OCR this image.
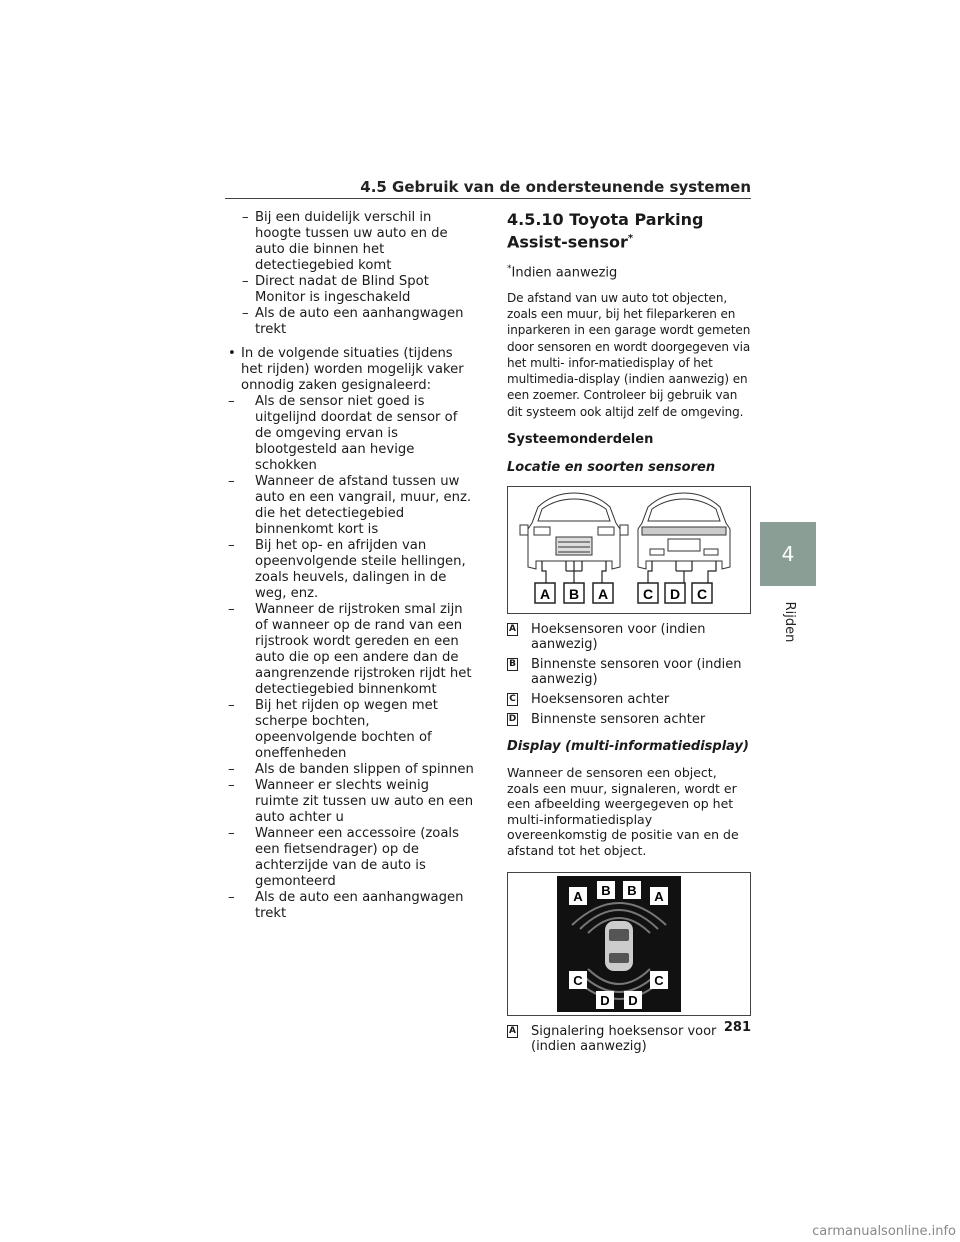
4.5 Gebruik van de ondersteunende systemen
4
Rijden
– Bij een duidelijk verschil in hoogte tussen uw auto en de auto die binnen het detectiegebied komt
– Direct nadat de Blind Spot Monitor is ingeschakeld
– Als de auto een aanhangwagen trekt
• In de volgende situaties (tijdens het rijden) worden mogelijk vaker onnodig zaken gesignaleerd:
– Als de sensor niet goed is uitgelijnd doordat de sensor of de omgeving ervan is blootgesteld aan hevige schokken
– Wanneer de afstand tussen uw auto en een vangrail, muur, enz. die het detectiegebied binnenkomt kort is
– Bij het op- en afrijden van opeenvolgende steile hellingen, zoals heuvels, dalingen in de weg, enz.
– Wanneer de rijstroken smal zijn of wanneer op de rand van een rijstrook wordt gereden en een auto die op een andere dan de aangrenzende rijstroken rijdt het detectiegebied binnenkomt
– Bij het rijden op wegen met scherpe bochten, opeenvolgende bochten of oneffenheden
– Als de banden slippen of spinnen
– Wanneer er slechts weinig ruimte zit tussen uw auto en een auto achter u
– Wanneer een accessoire (zoals een fietsendrager) op de achterzijde van de auto is gemonteerd
– Als de auto een aanhangwagen trekt
4.5.10 Toyota Parking
Assist-sensor*
*Indien aanwezig
De afstand van uw auto tot objecten, zoals een muur, bij het fileparkeren en inparkeren in een garage wordt gemeten door sensoren en wordt doorgegeven via het multi- infor-matiedisplay of het multimedia-display (indien aanwezig) en een zoemer. Controleer bij gebruik van dit systeem ook altijd zelf de omgeving.
Systeemonderdelen
Locatie en soorten sensoren
A B A C D C
A Hoeksensoren voor (indien aanwezig)
B Binnenste sensoren voor (indien aanwezig)
C Hoeksensoren achter
D Binnenste sensoren achter
Display (multi-informatiedisplay)
Wanneer de sensoren een object, zoals een muur, signaleren, wordt er een afbeelding weergegeven op het multi-informatiedisplay overeenkomstig de positie van en de afstand tot het object.
A B B A
C	C
D D
A Signalering hoeksensor voor (indien aanwezig)
281
carmanualsonline.info
